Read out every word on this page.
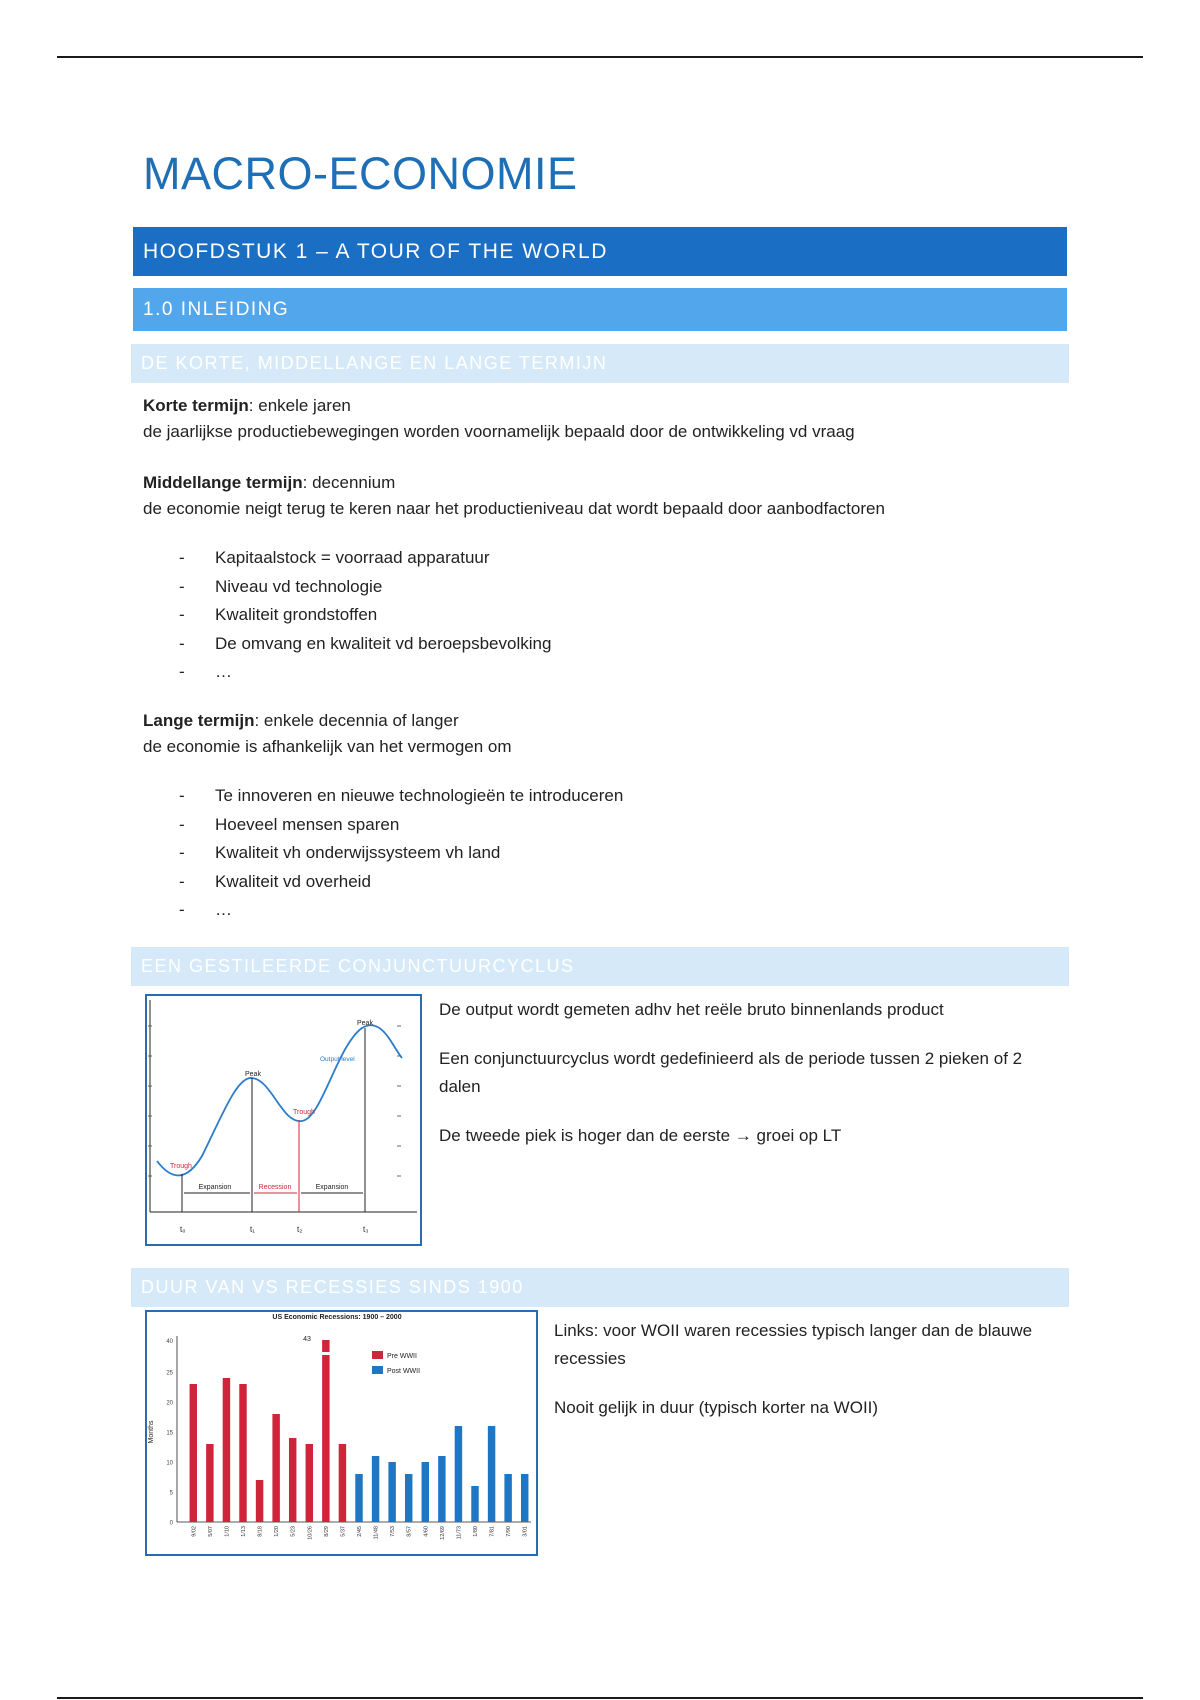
MACRO-ECONOMIE
HOOFDSTUK 1 – A TOUR OF THE WORLD
1.0 INLEIDING
DE KORTE, MIDDELLANGE EN LANGE TERMIJN
Korte termijn: enkele jaren
de jaarlijkse productiebewegingen worden voornamelijk bepaald door de ontwikkeling vd vraag
Middellange termijn: decennium
de economie neigt terug te keren naar het productieniveau dat wordt bepaald door aanbodfactoren
- Kapitaalstock = voorraad apparatuur
- Niveau vd technologie
- Kwaliteit grondstoffen
- De omvang en kwaliteit vd beroepsbevolking
- …
Lange termijn: enkele decennia of langer
de economie is afhankelijk van het vermogen om
- Te innoveren en nieuwe technologieën te introduceren
- Hoeveel mensen sparen
- Kwaliteit vh onderwijssysteem vh land
- Kwaliteit vd overheid
- …
EEN GESTILEERDE CONJUNCTUURCYCLUS
Expansion	Recession	Expansion
Peak
Peak
Trough
Trough
Output level
t₀	t₁	t₂	t₃

De output wordt gemeten adhv het reële bruto binnenlands product

Een conjunctuurcyclus wordt gedefinieerd als de periode tussen 2 pieken of 2 dalen

De tweede piek is hoger dan de eerste → groei op LT

DUUR VAN VS RECESSIES SINDS 1900
US Economic Recessions: 1900 – 2000
Months
0
5
10
15
20
25
40
9/02 5/07 1/10 1/13 8/18 1/20 5/23 10/26 8/29 5/37 2/45 11/48 7/53 8/57 4/60 12/69 11/73 1/80 7/81 7/90 3/01
Pre WWII
Post WWII
43	Links: voor WOII waren recessies typisch langer dan de blauwe recessies

Nooit gelijk in duur (typisch korter na WOII)
